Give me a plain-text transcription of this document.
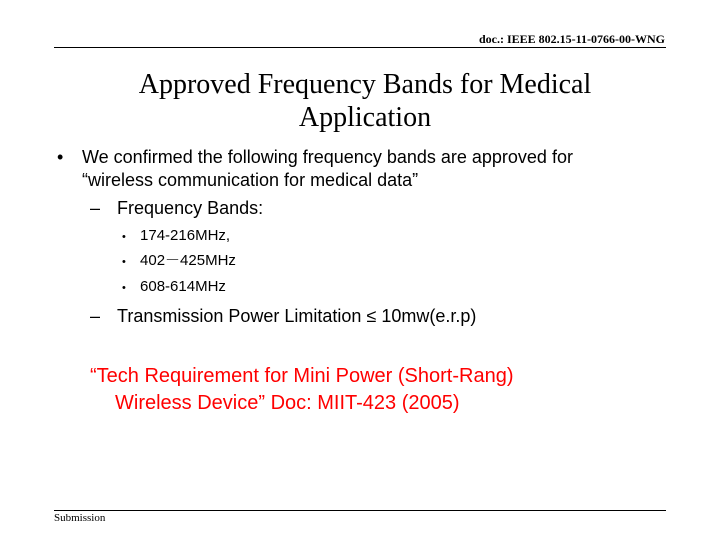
doc.: IEEE 802.15-11-0766-00-WNG
Approved Frequency Bands for Medical
Application
• We confirmed the following frequency bands are approved for
“wireless communication for medical data”
– Frequency Bands:
• 174-216MHz,
• 402－425MHz
• 608-614MHz
– Transmission Power Limitation ≤ 10mw(e.r.p)
“Tech Requirement for Mini Power (Short-Rang)
Wireless Device” Doc: MIIT-423 (2005)
Submission
